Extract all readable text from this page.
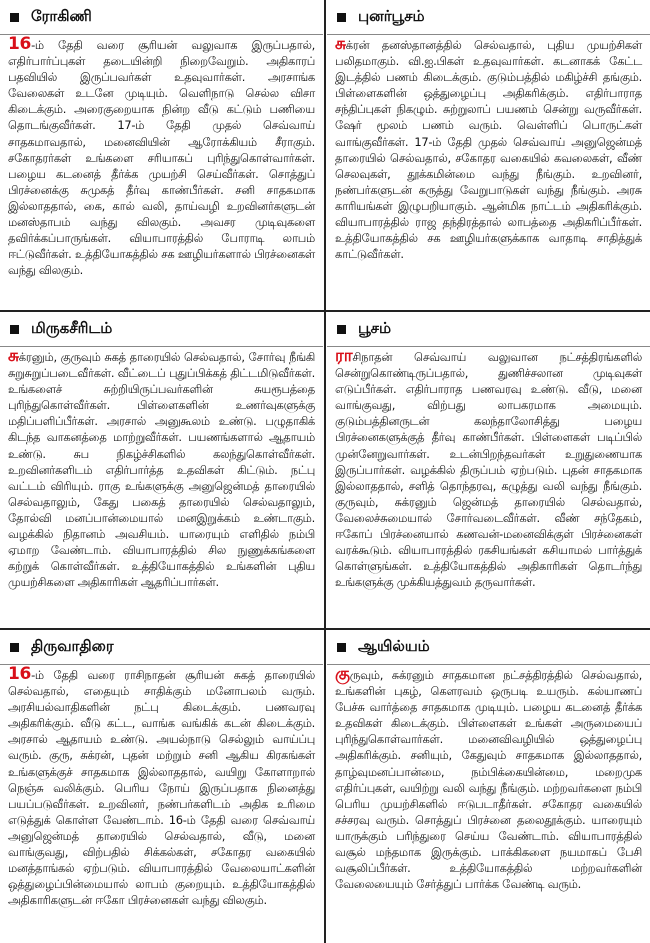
ரோகிணி
16-ம் தேதி வரை சூரியன் வலுவாக இருப்பதால், எதிர்பார்ப்புகள் தடையின்றி நிறைவேறும். அதிகாரப் பதவியில் இருப்பவர்கள் உதவுவார்கள். அரசாங்க வேலைகள் உடனே முடியும். வெளிநாடு செல்ல விசா கிடைக்கும். அரைகுறையாக நின்ற வீடு கட்டும் பணியை தொடங்குவீர்கள். 17-ம் தேதி முதல் செவ்வாய் சாதகமாவதால், மனைவியின் ஆரோக்கியம் சீராகும். சகோதரர்கள் உங்களை சரியாகப் புரிந்துகொள்வார்கள். பழைய கடனைத் தீர்க்க முயற்சி செய்வீர்கள். சொத்துப் பிரச்னைக்கு சுமுகத் தீர்வு காண்பீர்கள். சனி சாதகமாக இல்லாததால், கை, கால் வலி, தாய்வழி உறவினர்களுடன் மனஸ்தாபம் வந்து விலகும். அவசர முடிவுகளை தவிர்க்கப்பாருங்கள். வியாபாரத்தில் போராடி லாபம் ஈட்டுவீர்கள். உத்தியோகத்தில் சக ஊழியர்களால் பிரச்னைகள் வந்து விலகும்.
புனர்பூசம்
சுக்ரன் தனஸ்தானத்தில் செல்வதால், புதிய முயற்சிகள் பலிதமாகும். வி.ஐ.பிகள் உதவுவார்கள். கடனாகக் கேட்ட இடத்தில் பணம் கிடைக்கும். குடும்பத்தில் மகிழ்ச்சி தங்கும். பிள்ளைகளின் ஒத்துழைப்பு அதிகரிக்கும். எதிர்பாராத சந்திப்புகள் நிகழும். சுற்றுலாப் பயணம் சென்று வருவீர்கள். ஷேர் மூலம் பணம் வரும். வெள்ளிப் பொருட்கள் வாங்குவீர்கள். 17-ம் தேதி முதல் செவ்வாய் அனுஜென்மத் தாரையில் செல்வதால், சகோதர வகையில் கவலைகள், வீண் செலவுகள், தூக்கமின்மை வந்து நீங்கும். உறவினர், நண்பர்களுடன் கருத்து வேறுபாடுகள் வந்து நீங்கும். அரசு காரியங்கள் இழுபறியாகும். ஆன்மிக நாட்டம் அதிகரிக்கும். வியாபாரத்தில் ராஜ தந்திரத்தால் லாபத்தை அதிகரிப்பீர்கள். உத்தியோகத்தில் சக ஊழியர்களுக்காக வாதாடி சாதித்துக் காட்டுவீர்கள்.
மிருகசீரிடம்
சுக்ரனும், குருவும் சுகத் தாரையில் செல்வதால், சோர்வு நீங்கி சுறுசுறுப்படைவீர்கள். வீட்டைப் புதுப்பிக்கத் திட்டமிடுவீர்கள். உங்களைச் சுற்றியிருப்பவர்களின் சுயரூபத்தை புரிந்துகொள்வீர்கள். பிள்ளைகளின் உணர்வுகளுக்கு மதிப்பளிப்பீர்கள். அரசால் அனுகூலம் உண்டு. பழுதாகிக் கிடந்த வாகனத்தை மாற்றுவீர்கள். பயணங்களால் ஆதாயம் உண்டு. சுப நிகழ்ச்சிகளில் கலந்துகொள்வீர்கள். உறவினர்களிடம் எதிர்பார்த்த உதவிகள் கிட்டும். நட்பு வட்டம் விரியும். ராகு உங்களுக்கு அனுஜென்மத் தாரையில் செல்வதாலும், கேது பகைத் தாரையில் செல்வதாலும், தோல்வி மனப்பான்மையால் மனஇறுக்கம் உண்டாகும். வழக்கில் நிதானம் அவசியம். யாரையும் எளிதில் நம்பி ஏமாற வேண்டாம். வியாபாரத்தில் சில நுணுக்கங்களை கற்றுக் கொள்வீர்கள். உத்தியோகத்தில் உங்களின் புதிய முயற்சிகளை அதிகாரிகள் ஆதரிப்பார்கள்.
பூசம்
ராசிநாதன் செவ்வாய் வலுவான நட்சத்திரங்களில் சென்றுகொண்டிருப்பதால், துணிச்சலான முடிவுகள் எடுப்பீர்கள். எதிர்பாராத பணவரவு உண்டு. வீடு, மனை வாங்குவது, விற்பது லாபகரமாக அமையும். குடும்பத்தினருடன் கலந்தாலோசித்து பழைய பிரச்னைகளுக்குத் தீர்வு காண்பீர்கள். பிள்ளைகள் படிப்பில் முன்னேறுவார்கள். உடன்பிறந்தவர்கள் உறுதுணையாக இருப்பார்கள். வழக்கில் திருப்பம் ஏற்படும். புதன் சாதகமாக இல்லாததால், சளித் தொந்தரவு, கழுத்து வலி வந்து நீங்கும். குருவும், சுக்ரனும் ஜென்மத் தாரையில் செல்வதால், வேலைச்சுமையால் சோர்வடைவீர்கள். வீண் சந்தேகம், ஈகோப் பிரச்னையால் கணவன்-மனைவிக்குள் பிரச்னைகள் வரக்கூடும். வியாபாரத்தில் ரகசியங்கள் கசியாமல் பார்த்துக் கொள்ளுங்கள். உத்தியோகத்தில் அதிகாரிகள் தொடர்ந்து உங்களுக்கு முக்கியத்துவம் தருவார்கள்.
திருவாதிரை
16-ம் தேதி வரை ராசிநாதன் சூரியன் சுகத் தாரையில் செல்வதால், எதையும் சாதிக்கும் மனோபலம் வரும். அரசியல்வாதிகளின் நட்பு கிடைக்கும். பணவரவு அதிகரிக்கும். வீடு கட்ட, வாங்க வங்கிக் கடன் கிடைக்கும். அரசால் ஆதாயம் உண்டு. அயல்நாடு செல்லும் வாய்ப்பு வரும். குரு, சுக்ரன், புதன் மற்றும் சனி ஆகிய கிரகங்கள் உங்களுக்குச் சாதகமாக இல்லாததால், வயிறு கோளாறால் நெஞ்சு வலிக்கும். பெரிய நோய் இருப்பதாக நினைத்து பயப்படுவீர்கள். உறவினர், நண்பர்களிடம் அதிக உரிமை எடுத்துக் கொள்ள வேண்டாம். 16-ம் தேதி வரை செவ்வாய் அனுஜென்மத் தாரையில் செல்வதால், வீடு, மனை வாங்குவது, விற்பதில் சிக்கல்கள், சகோதர வகையில் மனத்தாங்கல் ஏற்படும். வியாபாரத்தில் வேலையாட்களின் ஒத்துழைப்பின்மையால் லாபம் குறையும். உத்தியோகத்தில் அதிகாரிகளுடன் ஈகோ பிரச்னைகள் வந்து விலகும்.
ஆயில்யம்
குருவும், சுக்ரனும் சாதகமான நட்சத்திரத்தில் செல்வதால், உங்களின் புகழ், கௌரவம் ஒருபடி உயரும். கல்யாணப் பேச்சு வார்த்தை சாதகமாக முடியும். பழைய கடனைத் தீர்க்க உதவிகள் கிடைக்கும். பிள்ளைகள் உங்கள் அருமையைப் புரிந்துகொள்வார்கள். மனைவிவழியில் ஒத்துழைப்பு அதிகரிக்கும். சனியும், கேதுவும் சாதகமாக இல்லாததால், தாழ்வுமனப்பான்மை, நம்பிக்கையின்மை, மறைமுக எதிர்ப்புகள், வயிற்று வலி வந்து நீங்கும். மற்றவர்களை நம்பி பெரிய முயற்சிகளில் ஈடுபடாதீர்கள். சகோதர வகையில் சச்சரவு வரும். சொத்துப் பிரச்னை தலைதூக்கும். யாரையும் யாருக்கும் பரிந்துரை செய்ய வேண்டாம். வியாபாரத்தில் வசூல் மந்தமாக இருக்கும். பாக்கிகளை நயமாகப் பேசி வசூலிப்பீர்கள். உத்தியோகத்தில் மற்றவர்களின் வேலையையும் சேர்த்துப் பார்க்க வேண்டி வரும்.
